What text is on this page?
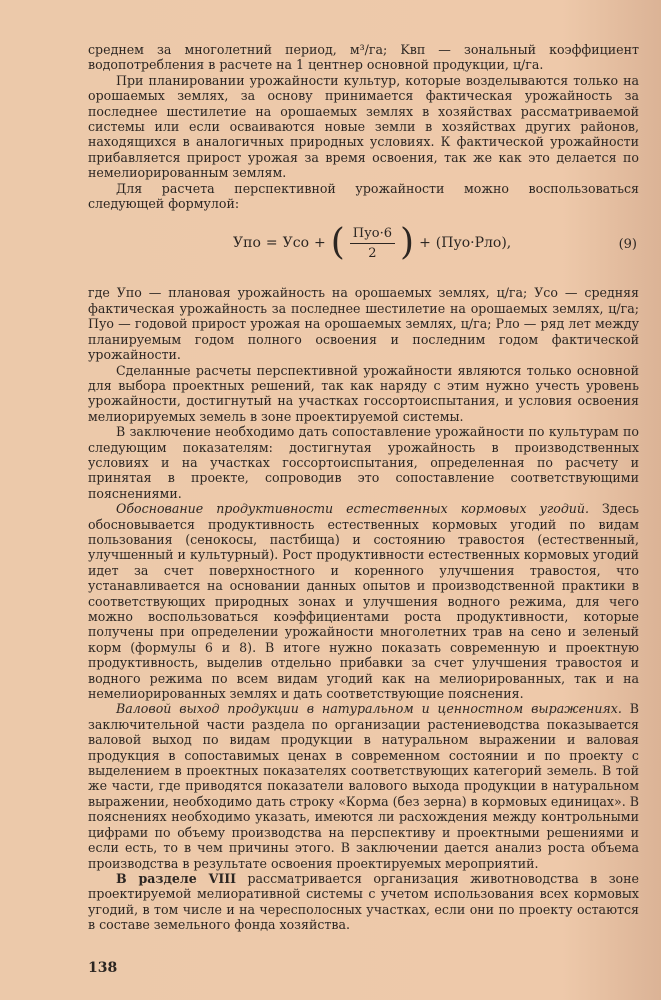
среднем за многолетний период, м³/га; Kвп — зональный коэффициент водопотребления в расчете на 1 центнер основной продукции, ц/га.

При планировании урожайности культур, которые возделываются только на орошаемых землях, за основу принимается фактическая урожайность за последнее шестилетие на орошаемых землях в хозяйствах рассматриваемой системы или если осваиваются новые земли в хозяйствах других районов, находящихся в аналогичных природных условиях. К фактической урожайности прибавляется прирост урожая за время освоения, так же как это делается по немелиорированным землям.

Для расчета перспективной урожайности можно воспользоваться следующей формулой:

Упо = Усо + ( $\frac{\text{Пуо·6}}{2}$ ) + (Пуо·Рло),	(9)

где Упо — плановая урожайность на орошаемых землях, ц/га; Усо — средняя фактическая урожайность за последнее шестилетие на орошаемых землях, ц/га; Пуо — годовой прирост урожая на орошаемых землях, ц/га; Рло — ряд лет между планируемым годом полного освоения и последним годом фактической урожайности.

Сделанные расчеты перспективной урожайности являются только основной для выбора проектных решений, так как наряду с этим нужно учесть уровень урожайности, достигнутый на участках госсортоиспытания, и условия освоения мелиорируемых земель в зоне проектируемой системы.

В заключение необходимо дать сопоставление урожайности по культурам по следующим показателям: достигнутая урожайность в производственных условиях и на участках госсортоиспытания, определенная по расчету и принятая в проекте, сопроводив это сопоставление соответствующими пояснениями.

Обоснование продуктивности естественных кормовых угодий. Здесь обосновывается продуктивность естественных кормовых угодий по видам пользования (сенокосы, пастбища) и состоянию травостоя (естественный, улучшенный и культурный). Рост продуктивности естественных кормовых угодий идет за счет поверхностного и коренного улучшения травостоя, что устанавливается на основании данных опытов и производственной практики в соответствующих природных зонах и улучшения водного режима, для чего можно воспользоваться коэффициентами роста продуктивности, которые получены при определении урожайности многолетних трав на сено и зеленый корм (формулы 6 и 8). В итоге нужно показать современную и проектную продуктивность, выделив отдельно прибавки за счет улучшения травостоя и водного режима по всем видам угодий как на мелиорированных, так и на немелиорированных землях и дать соответствующие пояснения.

Валовой выход продукции в натуральном и ценностном выражениях. В заключительной части раздела по организации растениеводства показывается валовой выход по видам продукции в натуральном выражении и валовая продукция в сопоставимых ценах в современном состоянии и по проекту с выделением в проектных показателях соответствующих категорий земель. В той же части, где приводятся показатели валового выхода продукции в натуральном выражении, необходимо дать строку «Корма (без зерна) в кормовых единицах». В пояснениях необходимо указать, имеются ли расхождения между контрольными цифрами по объему производства на перспективу и проектными решениями и если есть, то в чем причины этого. В заключении дается анализ роста объема производства в результате освоения проектируемых мероприятий.

В разделе VIII рассматривается организация животноводства в зоне проектируемой мелиоративной системы с учетом использования всех кормовых угодий, в том числе и на чересполосных участках, если они по проекту остаются в составе земельного фонда хозяйства.

138
